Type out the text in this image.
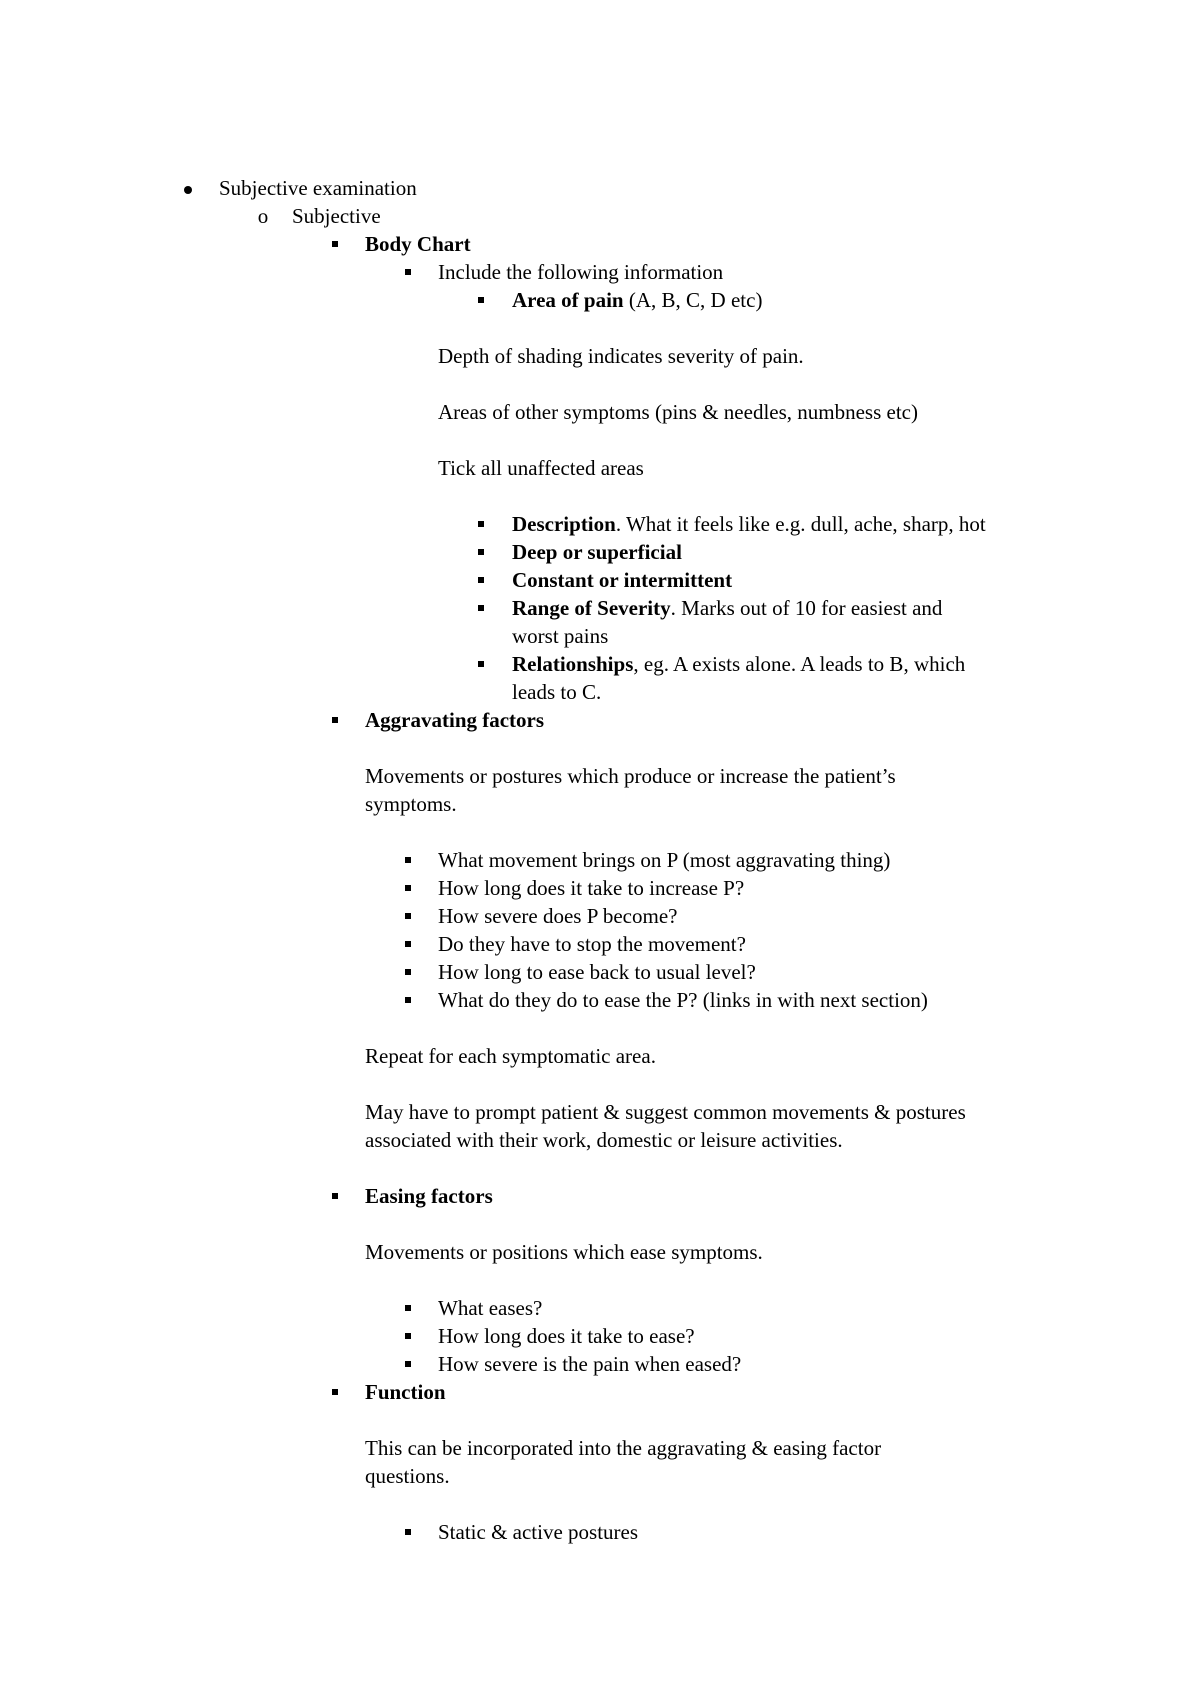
Subjective examination
o Subjective
Body Chart
Include the following information
Area of pain (A, B, C, D etc)
Depth of shading indicates severity of pain.
Areas of other symptoms (pins & needles, numbness etc)
Tick all unaffected areas
Description. What it feels like e.g. dull, ache, sharp, hot
Deep or superficial
Constant or intermittent
Range of Severity. Marks out of 10 for easiest and
worst pains
Relationships, eg. A exists alone. A leads to B, which
leads to C.
Aggravating factors
Movements or postures which produce or increase the patient’s
symptoms.
What movement brings on P (most aggravating thing)
How long does it take to increase P?
How severe does P become?
Do they have to stop the movement?
How long to ease back to usual level?
What do they do to ease the P? (links in with next section)
Repeat for each symptomatic area.
May have to prompt patient & suggest common movements & postures
associated with their work, domestic or leisure activities.
Easing factors
Movements or positions which ease symptoms.
What eases?
How long does it take to ease?
How severe is the pain when eased?
Function
This can be incorporated into the aggravating & easing factor
questions.
Static & active postures
